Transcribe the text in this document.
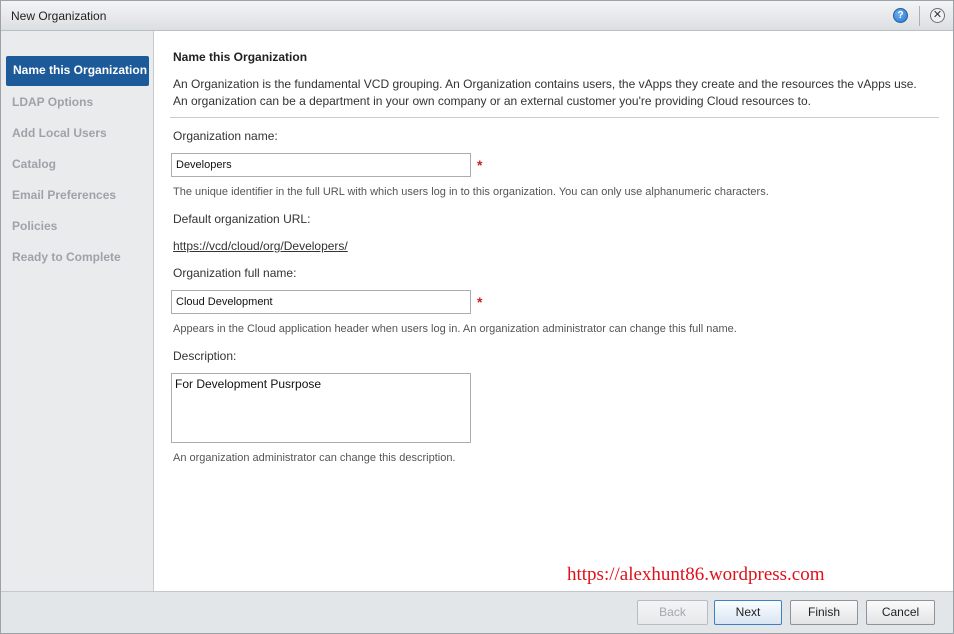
New Organization	?	✕
Name this Organization
LDAP Options
Add Local Users
Catalog
Email Preferences
Policies
Ready to Complete
Name this Organization
An Organization is the fundamental VCD grouping. An Organization contains users, the vApps they create and the resources the vApps use.
An organization can be a department in your own company or an external customer you're providing Cloud resources to.
Organization name:
Developers
*
The unique identifier in the full URL with which users log in to this organization. You can only use alphanumeric characters.
Default organization URL:
https://vcd/cloud/org/Developers/
Organization full name:
Cloud Development
*
Appears in the Cloud application header when users log in. An organization administrator can change this full name.
Description:
For Development Pusrpose
An organization administrator can change this description.
https://alexhunt86.wordpress.com
Back	Next	Finish	Cancel
